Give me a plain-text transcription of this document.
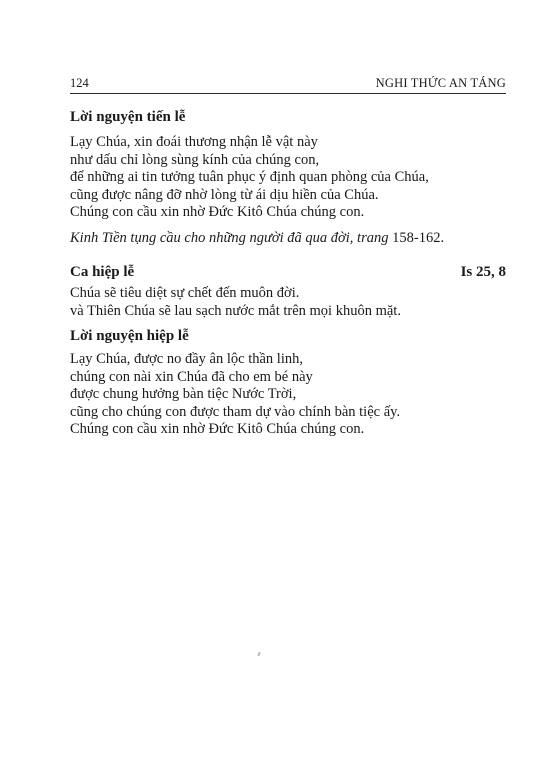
124	NGHI THỨC AN TÁNG
Lời nguyện tiến lễ
Lạy Chúa, xin đoái thương nhận lễ vật này
như dấu chỉ lòng sùng kính của chúng con,
để những ai tin tưởng tuân phục ý định quan phòng của Chúa,
cũng được nâng đỡ nhờ lòng từ ái dịu hiền của Chúa.
Chúng con cầu xin nhờ Đức Kitô Chúa chúng con.
Kinh Tiền tụng cầu cho những người đã qua đời, trang 158-162.
Ca hiệp lễ	Is 25, 8
Chúa sẽ tiêu diệt sự chết đến muôn đời.
và Thiên Chúa sẽ lau sạch nước mắt trên mọi khuôn mặt.
Lời nguyện hiệp lễ
Lạy Chúa, được no đầy ân lộc thần linh,
chúng con nài xin Chúa đã cho em bé này
được chung hưởng bàn tiệc Nước Trời,
cũng cho chúng con được tham dự vào chính bàn tiệc ấy.
Chúng con cầu xin nhờ Đức Kitô Chúa chúng con.
